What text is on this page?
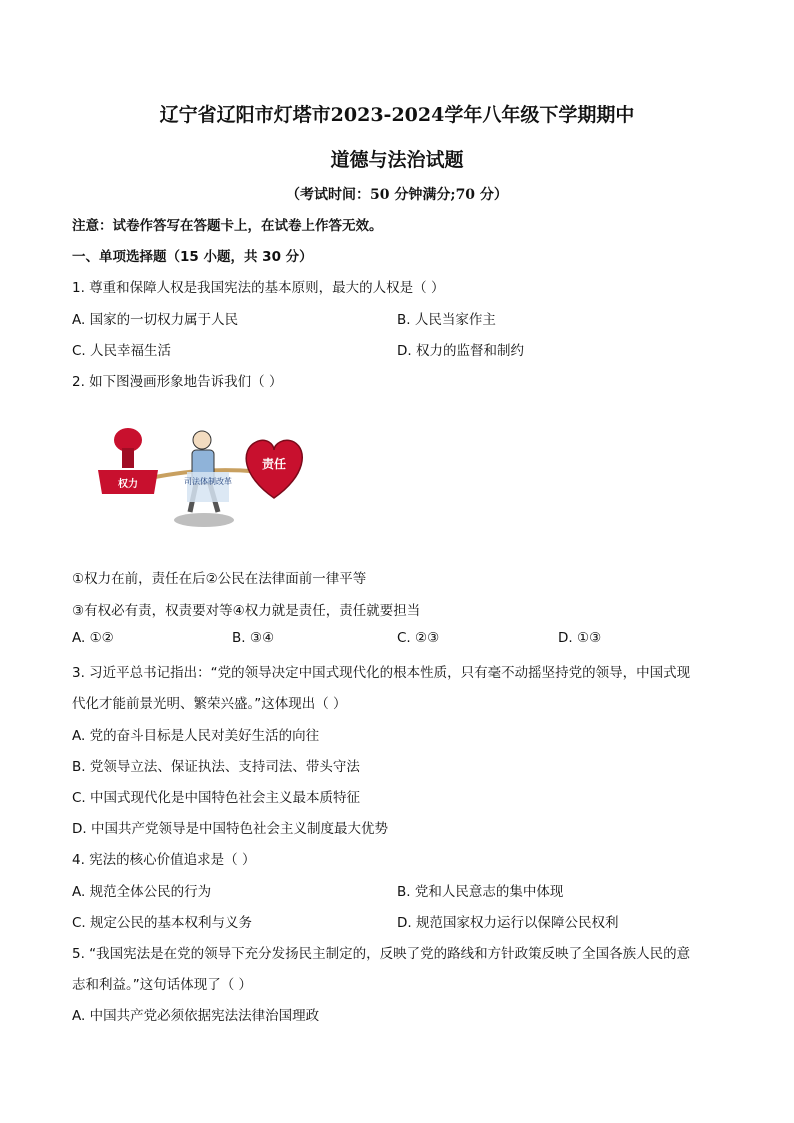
辽宁省辽阳市灯塔市2023-2024学年八年级下学期期中
道德与法治试题
（考试时间：50 分钟满分;70 分）
注意：试卷作答写在答题卡上，在试卷上作答无效。
一、单项选择题（15 小题，共 30 分）
1. 尊重和保障人权是我国宪法的基本原则，最大的人权是（ ）
A. 国家的一切权力属于人民	B. 人民当家作主
C. 人民幸福生活	D. 权力的监督和制约
2. 如下图漫画形象地告诉我们（ ）
权力	司法体制改革
责任
①权力在前，责任在后②公民在法律面前一律平等
③有权必有责，权责要对等④权力就是责任，责任就要担当
A. ①②	B. ③④	C. ②③	D. ①③
3. 习近平总书记指出：“党的领导决定中国式现代化的根本性质，只有毫不动摇坚持党的领导，中国式现
代化才能前景光明、繁荣兴盛。”这体现出（ ）
A. 党的奋斗目标是人民对美好生活的向往
B. 党领导立法、保证执法、支持司法、带头守法
C. 中国式现代化是中国特色社会主义最本质特征
D. 中国共产党领导是中国特色社会主义制度最大优势
4. 宪法的核心价值追求是（ ）
A. 规范全体公民的行为	B. 党和人民意志的集中体现
C. 规定公民的基本权利与义务	D. 规范国家权力运行以保障公民权利
5. “我国宪法是在党的领导下充分发扬民主制定的，反映了党的路线和方针政策反映了全国各族人民的意
志和利益。”这句话体现了（ ）
A. 中国共产党必须依据宪法法律治国理政
